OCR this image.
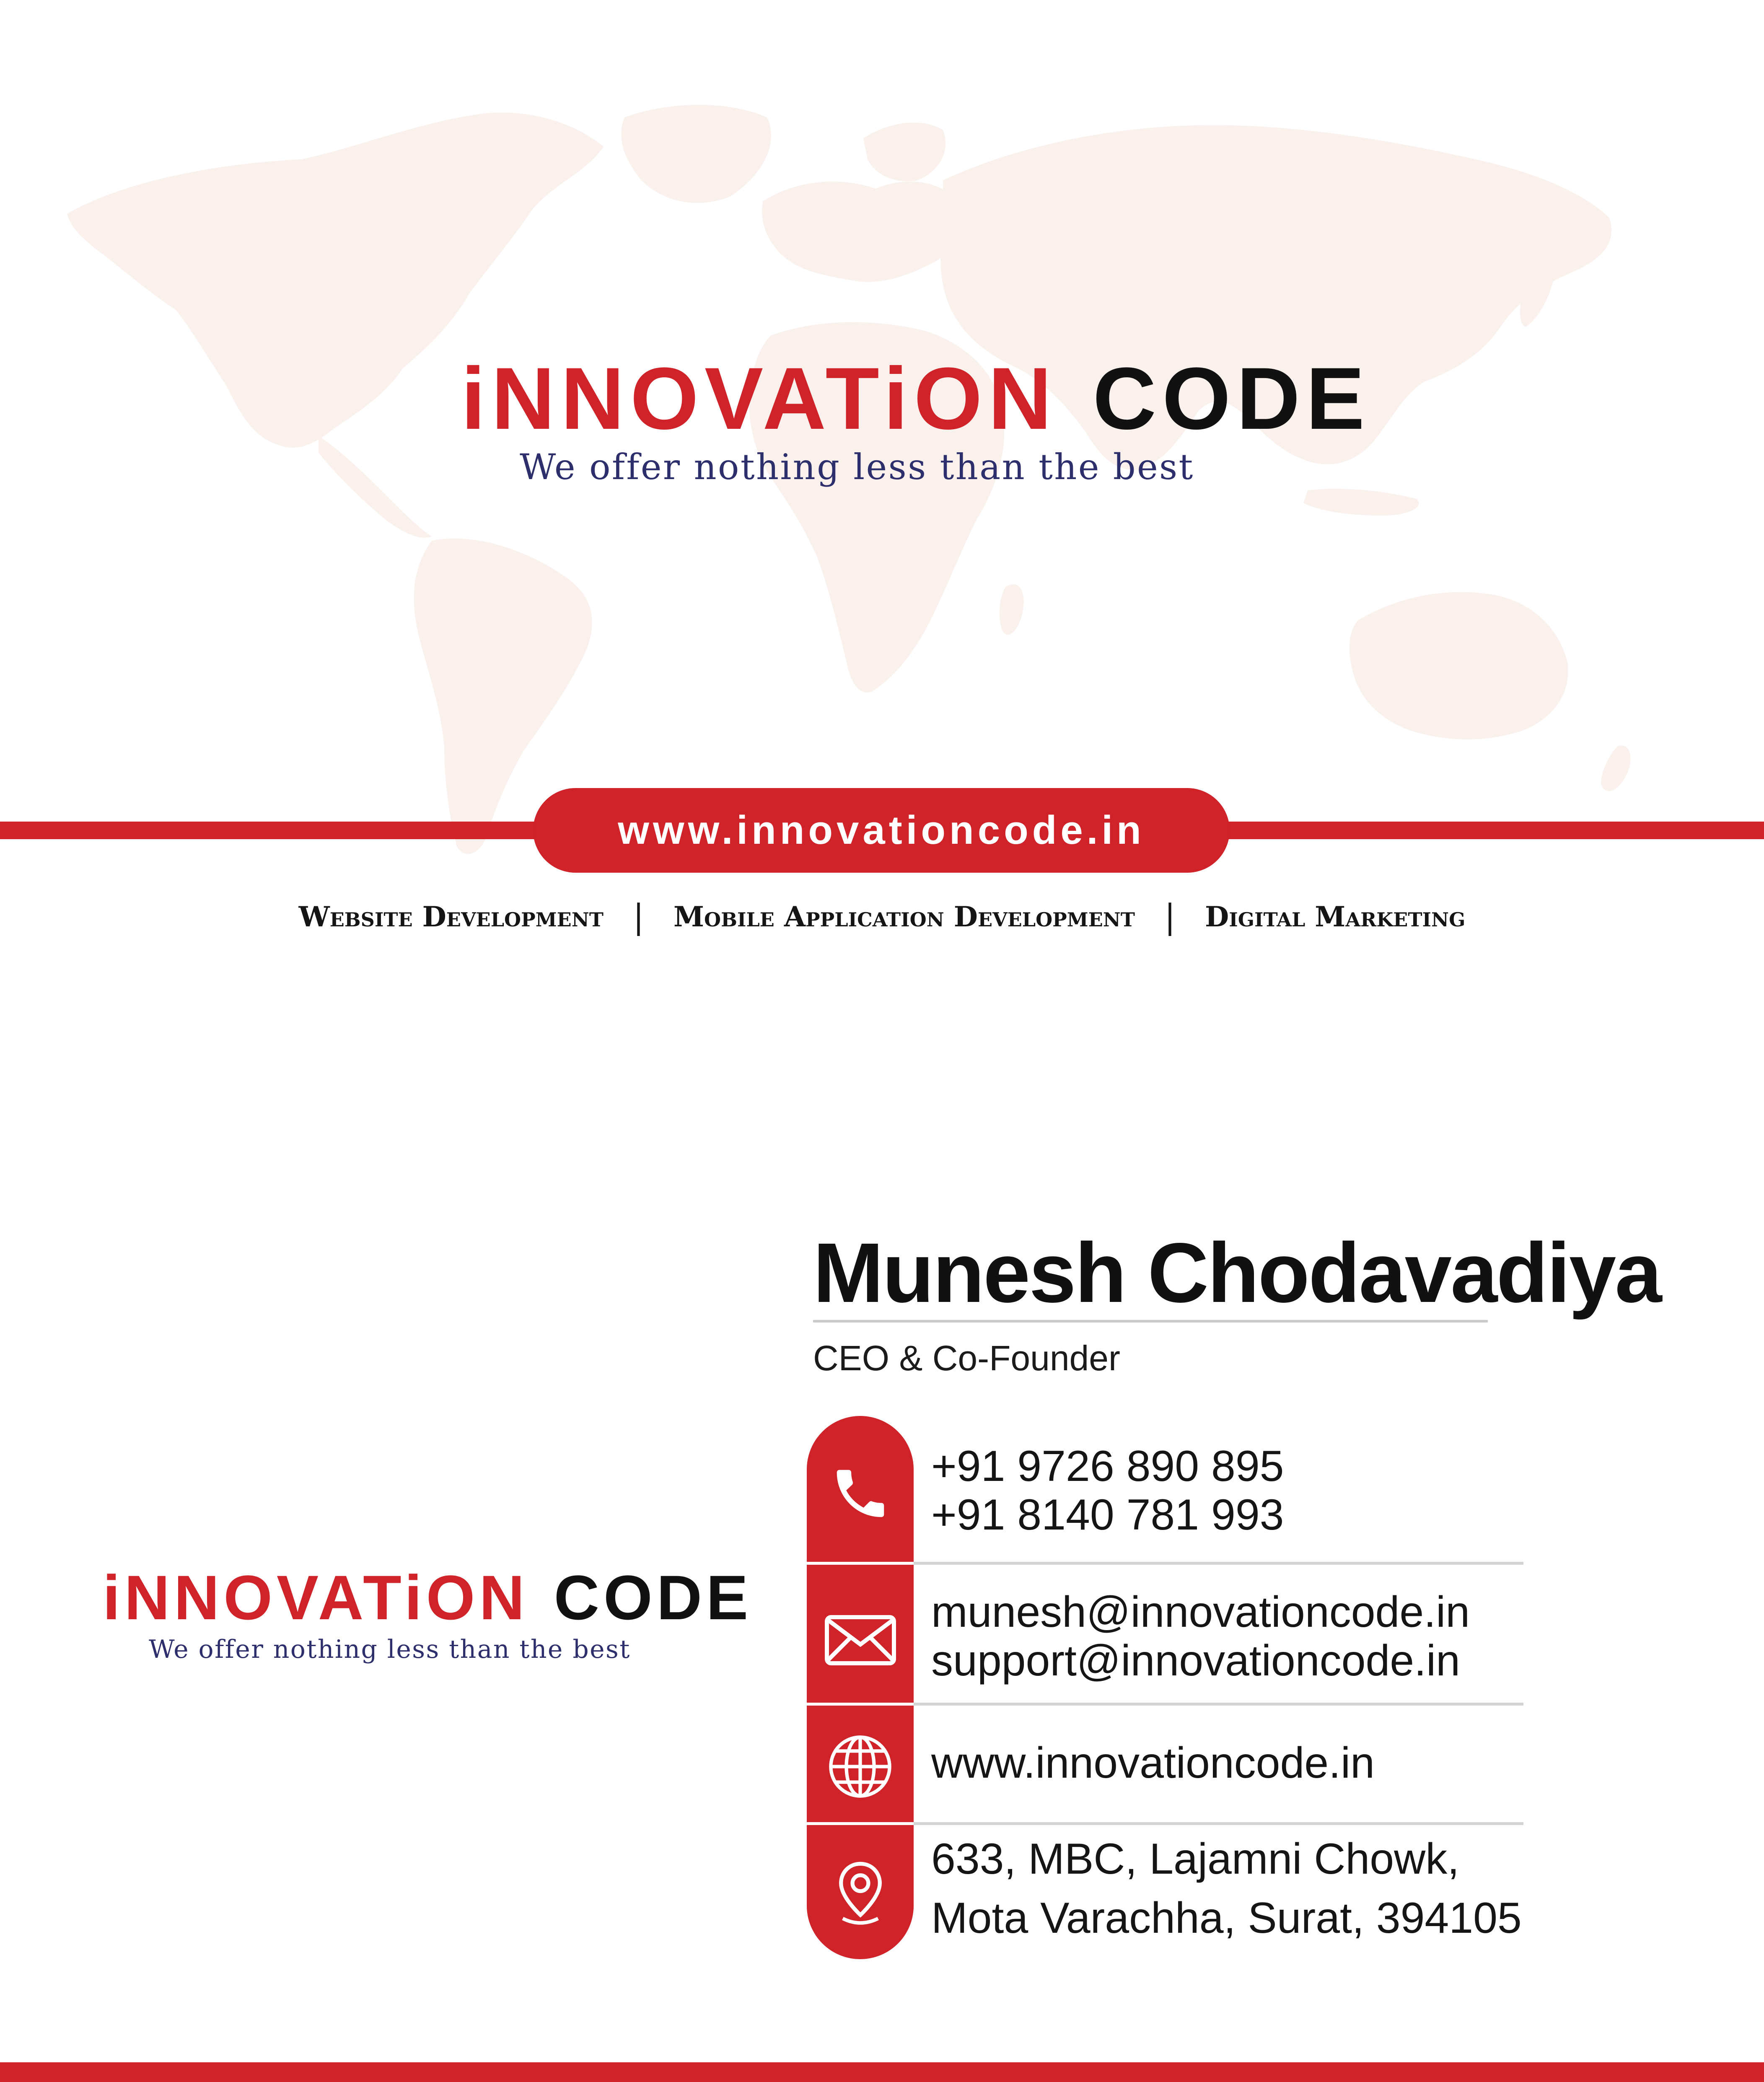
iNNOVATiON CODE
We offer nothing less than the best
www.innovationcode.in
Website Development | Mobile Application Development | Digital Marketing
iNNOVATiON CODE
We offer nothing less than the best
Munesh Chodavadiya
CEO & Co-Founder
+91 9726 890 895
+91 8140 781 993
munesh@innovationcode.in
support@innovationcode.in
www.innovationcode.in
633, MBC, Lajamni Chowk,
Mota Varachha, Surat, 394105
